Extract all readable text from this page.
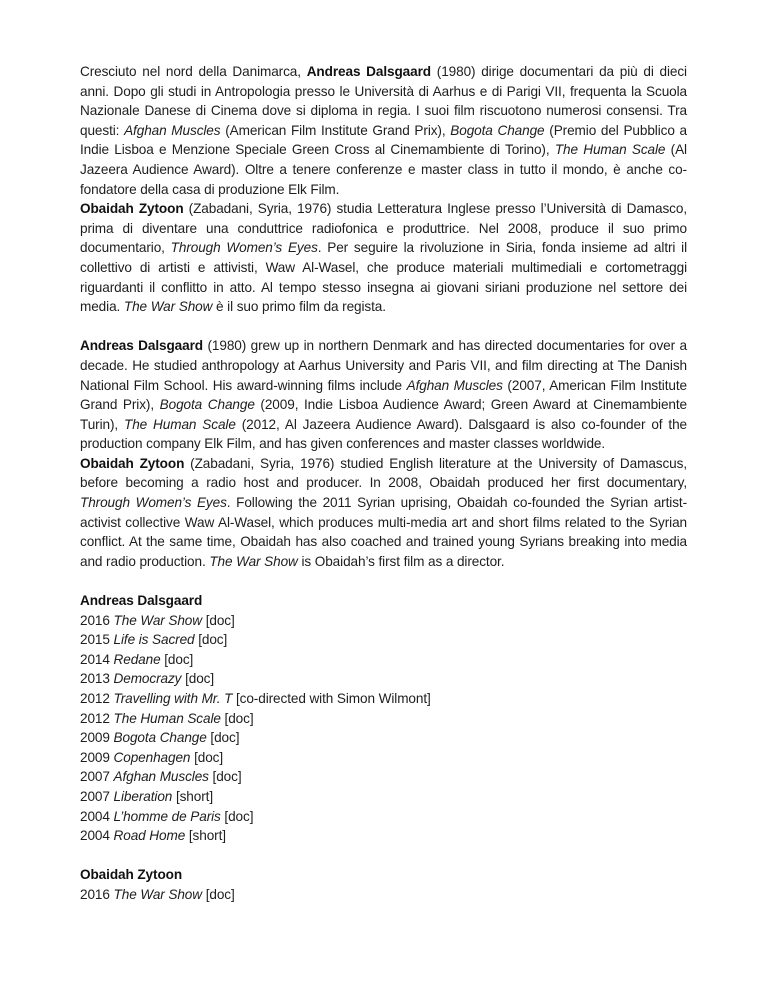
Cresciuto nel nord della Danimarca, Andreas Dalsgaard (1980) dirige documentari da più di dieci anni. Dopo gli studi in Antropologia presso le Università di Aarhus e di Parigi VII, frequenta la Scuola Nazionale Danese di Cinema dove si diploma in regia. I suoi film riscuotono numerosi consensi. Tra questi: Afghan Muscles (American Film Institute Grand Prix), Bogota Change (Premio del Pubblico a Indie Lisboa e Menzione Speciale Green Cross al Cinemambiente di Torino), The Human Scale (Al Jazeera Audience Award). Oltre a tenere conferenze e master class in tutto il mondo, è anche co-fondatore della casa di produzione Elk Film.

Obaidah Zytoon (Zabadani, Syria, 1976) studia Letteratura Inglese presso l’Università di Damasco, prima di diventare una conduttrice radiofonica e produttrice. Nel 2008, produce il suo primo documentario, Through Women’s Eyes. Per seguire la rivoluzione in Siria, fonda insieme ad altri il collettivo di artisti e attivisti, Waw Al-Wasel, che produce materiali multimediali e cortometraggi riguardanti il conflitto in atto. Al tempo stesso insegna ai giovani siriani produzione nel settore dei media. The War Show è il suo primo film da regista.

Andreas Dalsgaard (1980) grew up in northern Denmark and has directed documentaries for over a decade. He studied anthropology at Aarhus University and Paris VII, and film directing at The Danish National Film School. His award-winning films include Afghan Muscles (2007, American Film Institute Grand Prix), Bogota Change (2009, Indie Lisboa Audience Award; Green Award at Cinemambiente Turin), The Human Scale (2012, Al Jazeera Audience Award). Dalsgaard is also co-founder of the production company Elk Film, and has given conferences and master classes worldwide.

Obaidah Zytoon (Zabadani, Syria, 1976) studied English literature at the University of Damascus, before becoming a radio host and producer. In 2008, Obaidah produced her first documentary, Through Women’s Eyes. Following the 2011 Syrian uprising, Obaidah co-founded the Syrian artist-activist collective Waw Al-Wasel, which produces multi-media art and short films related to the Syrian conflict. At the same time, Obaidah has also coached and trained young Syrians breaking into media and radio production. The War Show is Obaidah’s first film as a director.

Andreas Dalsgaard

2016 The War Show [doc]

2015 Life is Sacred [doc]

2014 Redane [doc]

2013 Democrazy [doc]

2012 Travelling with Mr. T [co-directed with Simon Wilmont]

2012 The Human Scale [doc]

2009 Bogota Change [doc]

2009 Copenhagen [doc]

2007 Afghan Muscles [doc]

2007 Liberation [short]

2004 L’homme de Paris [doc]

2004 Road Home [short]

Obaidah Zytoon

2016 The War Show [doc]
